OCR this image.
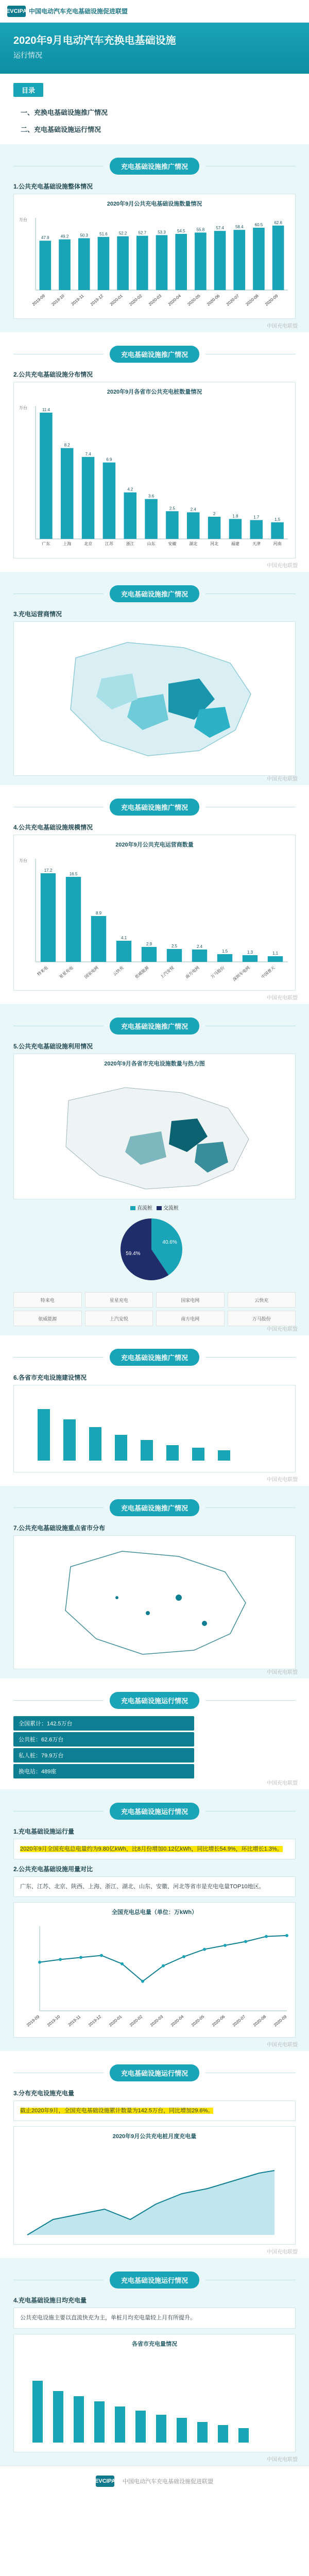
EVCIPA 中国电动汽车充电基础设施促进联盟
2020年9月电动汽车充换电基础设施
运行情况
目录
一、充换电基础设施推广情况
二、充电基础设施运行情况
充电基础设施推广情况
1.公共充电基础设施整体情况
2020年9月公共充电基础设施数量情况
47.9
2019-09
49.2
2019-10
50.3
2019-11
51.6
2019-12
52.2
2020-01
52.7
2020-02
53.3
2020-03
54.5
2020-04
55.8
2020-05
57.4
2020-06
58.4
2020-07
60.5
2020-08
62.6
2020-09
万台
中国充电联盟
充电基础设施推广情况
2.公共充电基础设施分布情况
2020年9月各省市公共充电桩数量情况
11.4
广东
8.2
上海
7.4
北京
6.9
江苏
4.2
浙江
3.6
山东
2.5
安徽
2.4
湖北
2
河北
1.8
福建
1.7
天津
1.5
河南
万台
中国充电联盟
充电基础设施推广情况
3.充电运营商情况
中国充电联盟
充电基础设施推广情况
4.公共充电基础设施规模情况
2020年9月公共充电运营商数量
17.2
特来电
16.5
星星充电
8.9
国家电网
4.1
云快充
2.9
依威能源
2.5
上汽安悦
2.4
南方电网
1.5
万马股份
1.3
深圳车电网
1.1
中国普天
万台
中国充电联盟
充电基础设施推广情况
5.公共充电基础设施利用情况
2020年9月各省市充电设施数量与热力图
直流桩	交流桩
40.6%
59.4%
特来电	星星充电	国家电网	云快充
依威能源	上汽安悦	南方电网	万马股份
中国充电联盟
充电基础设施推广情况
6.各省市充电设施建设情况
中国充电联盟
充电基础设施推广情况
7.公共充电基础设施重点省市分布
中国充电联盟
充电基础设施运行情况
全国累计：142.5万台
公共桩：62.6万台
私人桩：79.9万台
换电站：489座
中国充电联盟
充电基础设施运行情况
1.充电基础设施运行量
2020年9月全国充电总电量约为9.80亿kWh，比8月份增加0.12亿kWh，同比增长54.9%，环比增长1.3%。
2.公共充电基础设施用量对比
广东、江苏、北京、陕西、上海、浙江、湖北、山东、安徽、河北等省市是充电电量TOP10地区。
全国充电总电量（单位：万kWh）
2019-09 2019-10 2019-11 2019-12 2020-01 2020-02 2020-03 2020-04 2020-05 2020-06 2020-07 2020-08 2020-09
中国充电联盟
充电基础设施运行情况
3.分布充电设施充电量
截止2020年9月，全国充电基础设施累计数量为142.5万台，同比增加29.6%。
2020年9月公共充电桩月度充电量
中国充电联盟
充电基础设施运行情况
4.充电基础设施日均充电量
公共充电设施主要以直流快充为主，单桩月均充电量较上月有所提升。
各省市充电量情况
中国充电联盟
EVCIPA 中国电动汽车充电基础设施促进联盟
